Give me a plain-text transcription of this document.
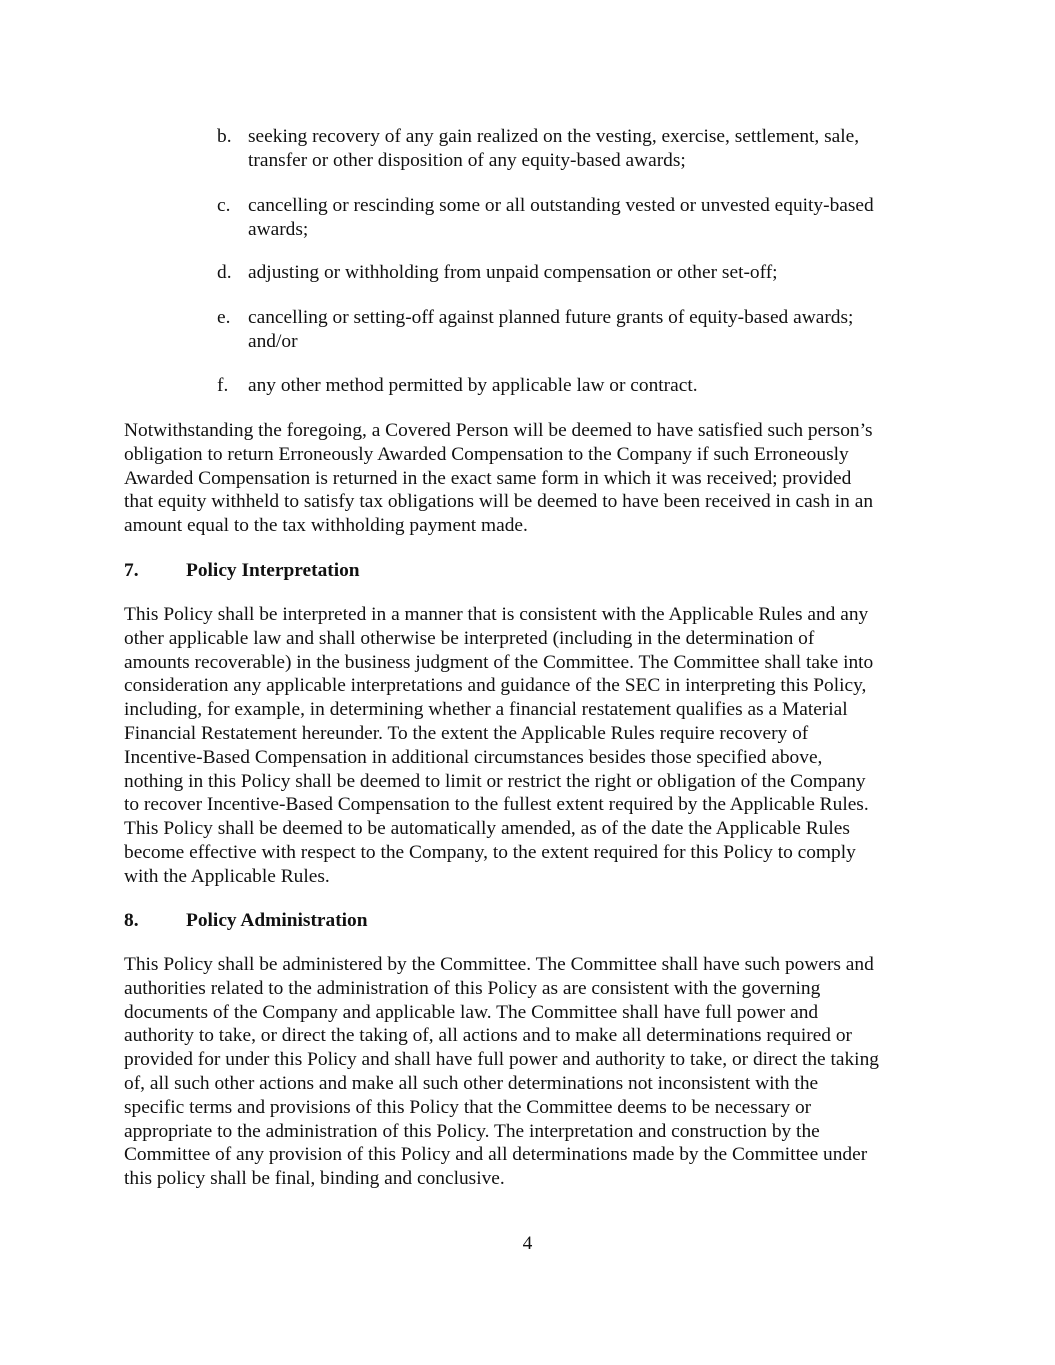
b. seeking recovery of any gain realized on the vesting, exercise, settlement, sale,
transfer or other disposition of any equity-based awards;
c. cancelling or rescinding some or all outstanding vested or unvested equity-based
awards;
d. adjusting or withholding from unpaid compensation or other set-off;
e. cancelling or setting-off against planned future grants of equity-based awards;
and/or
f. any other method permitted by applicable law or contract.
Notwithstanding the foregoing, a Covered Person will be deemed to have satisfied such person’s
obligation to return Erroneously Awarded Compensation to the Company if such Erroneously
Awarded Compensation is returned in the exact same form in which it was received; provided
that equity withheld to satisfy tax obligations will be deemed to have been received in cash in an
amount equal to the tax withholding payment made.
7. Policy Interpretation
This Policy shall be interpreted in a manner that is consistent with the Applicable Rules and any
other applicable law and shall otherwise be interpreted (including in the determination of
amounts recoverable) in the business judgment of the Committee. The Committee shall take into
consideration any applicable interpretations and guidance of the SEC in interpreting this Policy,
including, for example, in determining whether a financial restatement qualifies as a Material
Financial Restatement hereunder. To the extent the Applicable Rules require recovery of
Incentive-Based Compensation in additional circumstances besides those specified above,
nothing in this Policy shall be deemed to limit or restrict the right or obligation of the Company
to recover Incentive-Based Compensation to the fullest extent required by the Applicable Rules.
This Policy shall be deemed to be automatically amended, as of the date the Applicable Rules
become effective with respect to the Company, to the extent required for this Policy to comply
with the Applicable Rules.
8. Policy Administration
This Policy shall be administered by the Committee. The Committee shall have such powers and
authorities related to the administration of this Policy as are consistent with the governing
documents of the Company and applicable law. The Committee shall have full power and
authority to take, or direct the taking of, all actions and to make all determinations required or
provided for under this Policy and shall have full power and authority to take, or direct the taking
of, all such other actions and make all such other determinations not inconsistent with the
specific terms and provisions of this Policy that the Committee deems to be necessary or
appropriate to the administration of this Policy. The interpretation and construction by the
Committee of any provision of this Policy and all determinations made by the Committee under
this policy shall be final, binding and conclusive.
4
